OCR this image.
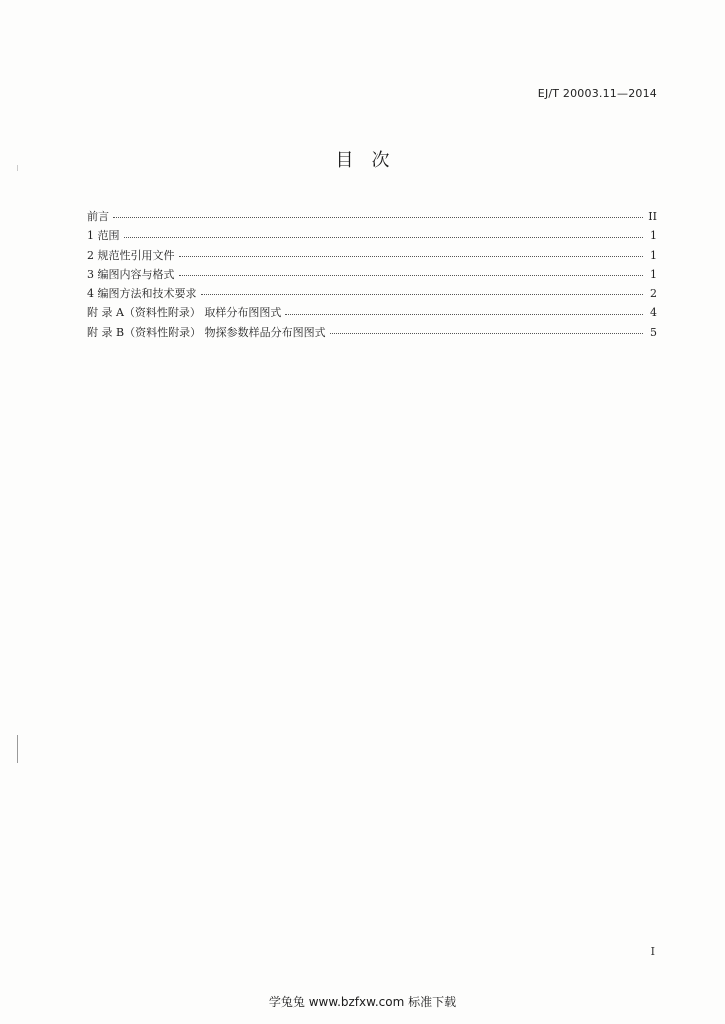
EJ/T 20003.11—2014
目次
前言	II
1 范围	1
2 规范性引用文件	1
3 编图内容与格式	1
4 编图方法和技术要求	2
附 录 A（资料性附录） 取样分布图图式	4
附 录 B（资料性附录） 物探参数样品分布图图式	5
I
学兔兔 www.bzfxw.com 标准下载
